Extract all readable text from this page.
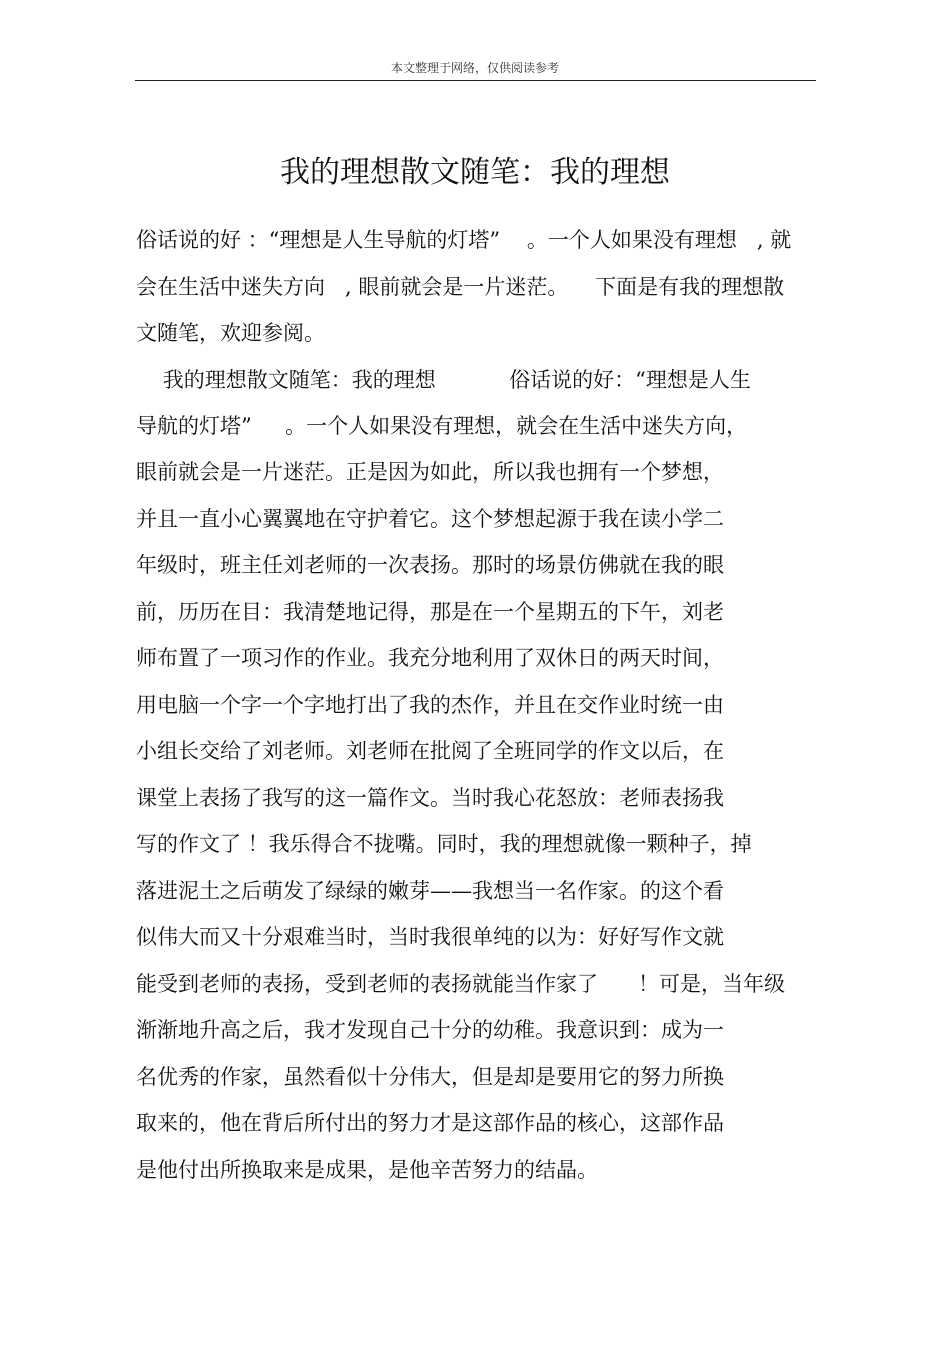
本文整理于网络，仅供阅读参考
我的理想散文随笔：我的理想
俗话说的好 ：“理想是人生导航的灯塔”    。一个人如果没有理想   , 就
会在生活中迷失方向   , 眼前就会是一片迷茫。    下面是有我的理想散
文随笔，欢迎参阅。
我的理想散文随笔：我的理想           俗话说的好：“理想是人生
导航的灯塔”     。一个人如果没有理想，就会在生活中迷失方向，
眼前就会是一片迷茫。正是因为如此，所以我也拥有一个梦想，
并且一直小心翼翼地在守护着它。这个梦想起源于我在读小学二
年级时，班主任刘老师的一次表扬。那时的场景仿佛就在我的眼
前，历历在目：我清楚地记得，那是在一个星期五的下午，刘老
师布置了一项习作的作业。我充分地利用了双休日的两天时间，
用电脑一个字一个字地打出了我的杰作，并且在交作业时统一由
小组长交给了刘老师。刘老师在批阅了全班同学的作文以后，在
课堂上表扬了我写的这一篇作文。当时我心花怒放：老师表扬我
写的作文了 ！我乐得合不拢嘴。同时，我的理想就像一颗种子，掉
落进泥土之后萌发了绿绿的嫩芽——我想当一名作家。的这个看
似伟大而又十分艰难当时，当时我很单纯的以为：好好写作文就
能受到老师的表扬，受到老师的表扬就能当作家了      ！可是，当年级
渐渐地升高之后，我才发现自己十分的幼稚。我意识到：成为一
名优秀的作家，虽然看似十分伟大，但是却是要用它的努力所换
取来的，他在背后所付出的努力才是这部作品的核心，这部作品
是他付出所换取来是成果，是他辛苦努力的结晶。
